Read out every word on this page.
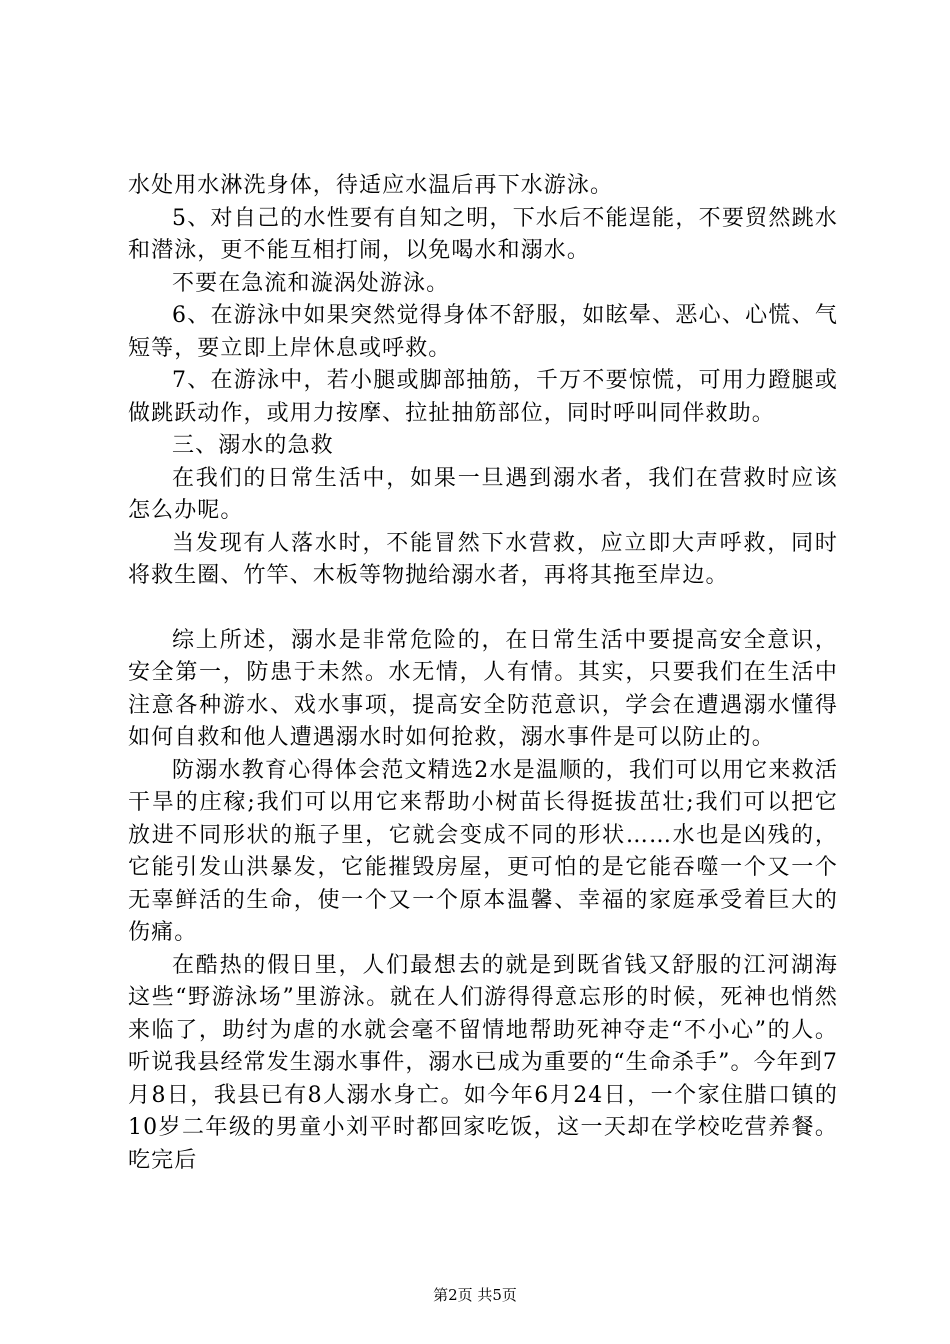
水处用水淋洗身体，待适应水温后再下水游泳。

5、对自己的水性要有自知之明，下水后不能逞能，不要贸然跳水和潜泳，更不能互相打闹，以免喝水和溺水。

不要在急流和漩涡处游泳。

6、在游泳中如果突然觉得身体不舒服，如眩晕、恶心、心慌、气短等，要立即上岸休息或呼救。

7、在游泳中，若小腿或脚部抽筋，千万不要惊慌，可用力蹬腿或做跳跃动作，或用力按摩、拉扯抽筋部位，同时呼叫同伴救助。

三、溺水的急救

在我们的日常生活中，如果一旦遇到溺水者，我们在营救时应该怎么办呢。

当发现有人落水时，不能冒然下水营救，应立即大声呼救，同时将救生圈、竹竿、木板等物抛给溺水者，再将其拖至岸边。

综上所述，溺水是非常危险的，在日常生活中要提高安全意识，安全第一，防患于未然。水无情，人有情。其实，只要我们在生活中注意各种游水、戏水事项，提高安全防范意识，学会在遭遇溺水懂得如何自救和他人遭遇溺水时如何抢救，溺水事件是可以防止的。

防溺水教育心得体会范文精选2水是温顺的，我们可以用它来救活干旱的庄稼;我们可以用它来帮助小树苗长得挺拔茁壮;我们可以把它放进不同形状的瓶子里，它就会变成不同的形状……水也是凶残的，它能引发山洪暴发，它能摧毁房屋，更可怕的是它能吞噬一个又一个无辜鲜活的生命，使一个又一个原本温馨、幸福的家庭承受着巨大的伤痛。

在酷热的假日里，人们最想去的就是到既省钱又舒服的江河湖海这些“野游泳场”里游泳。就在人们游得得意忘形的时候，死神也悄然来临了，助纣为虐的水就会毫不留情地帮助死神夺走“不小心”的人。听说我县经常发生溺水事件，溺水已成为重要的“生命杀手”。今年到7月8日，我县已有8人溺水身亡。如今年6月24日，一个家住腊口镇的10岁二年级的男童小刘平时都回家吃饭，这一天却在学校吃营养餐。吃完后

第2页 共5页
